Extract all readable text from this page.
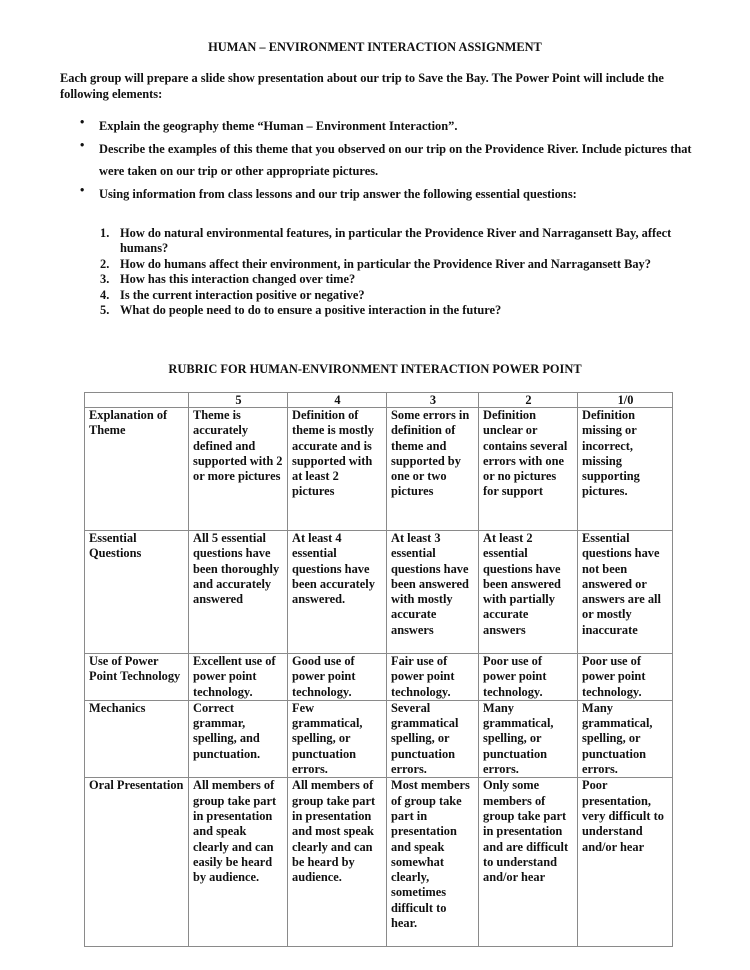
HUMAN – ENVIRONMENT INTERACTION ASSIGNMENT
Each group will prepare a slide show presentation about our trip to Save the Bay. The Power Point will include the following elements:
• Explain the geography theme “Human – Environment Interaction”.
• Describe the examples of this theme that you observed on our trip on the Providence River. Include pictures that were taken on our trip or other appropriate pictures.
• Using information from class lessons and our trip answer the following essential questions:
1. How do natural environmental features, in particular the Providence River and Narragansett Bay, affect humans?
2. How do humans affect their environment, in particular the Providence River and Narragansett Bay?
3. How has this interaction changed over time?
4. Is the current interaction positive or negative?
5. What do people need to do to ensure a positive interaction in the future?
RUBRIC FOR HUMAN-ENVIRONMENT INTERACTION POWER POINT
	5	4	3	2	1/0
Explanation of Theme	Theme is accurately defined and supported with 2 or more pictures	Definition of theme is mostly accurate and is supported with at least 2 pictures	Some errors in definition of theme and supported by one or two pictures	Definition unclear or contains several errors with one or no pictures for support	Definition missing or incorrect, missing supporting pictures.
Essential Questions	All 5 essential questions have been thoroughly and accurately answered	At least 4 essential questions have been accurately answered.	At least 3 essential questions have been answered with mostly accurate answers	At least 2 essential questions have been answered with partially accurate answers	Essential questions have not been answered or answers are all or mostly inaccurate
Use of Power Point Technology	Excellent use of power point technology.	Good use of power point technology.	Fair use of power point technology.	Poor use of power point technology.	Poor use of power point technology.
Mechanics	Correct grammar, spelling, and punctuation.	Few grammatical, spelling, or punctuation errors.	Several grammatical spelling, or punctuation errors.	Many grammatical, spelling, or punctuation errors.	Many grammatical, spelling, or punctuation errors.
Oral Presentation	All members of group take part in presentation and speak clearly and can easily be heard by audience.	All members of group take part in presentation and most speak clearly and can be heard by audience.	Most members of group take part in presentation and speak somewhat clearly, sometimes difficult to hear.	Only some members of group take part in presentation and are difficult to understand and/or hear	Poor presentation, very difficult to understand and/or hear
